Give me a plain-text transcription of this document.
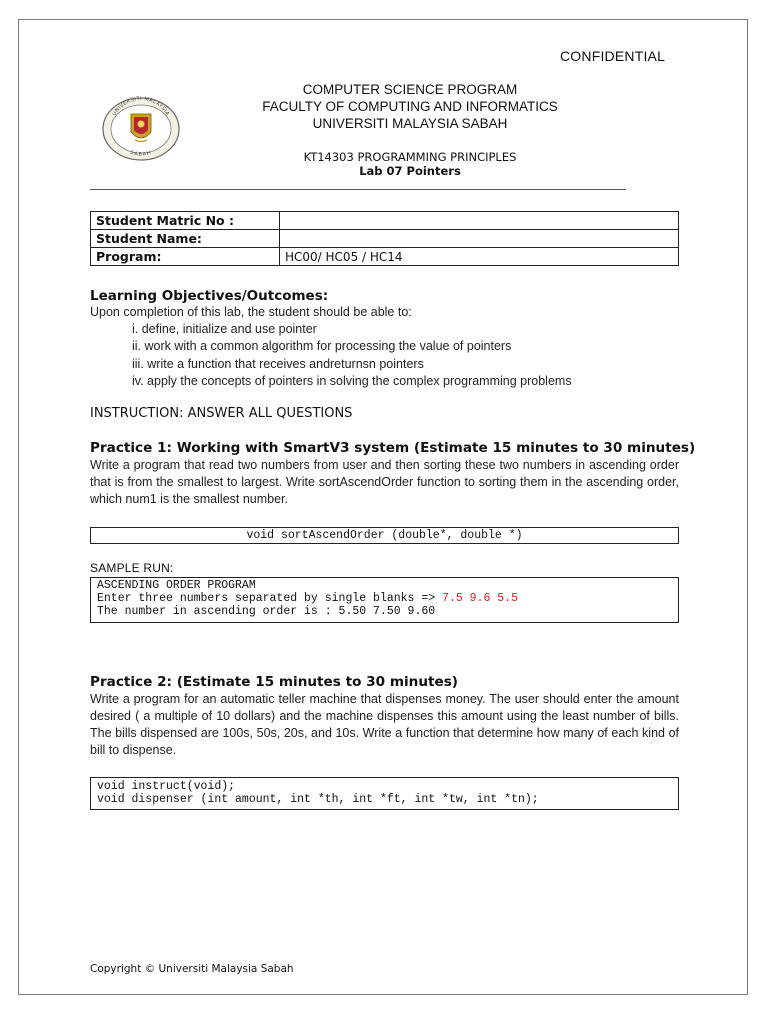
CONFIDENTIAL
UNIVERSITI MALAYSIA
SABAH
COMPUTER SCIENCE PROGRAM
FACULTY OF COMPUTING AND INFORMATICS
UNIVERSITI MALAYSIA SABAH
KT14303 PROGRAMMING PRINCIPLES
Lab 07 Pointers
Student Matric No :	
Student Name:	
Program:	HC00/ HC05 / HC14
Learning Objectives/Outcomes:
Upon completion of this lab, the student should be able to:
i. define, initialize and use pointer
ii. work with a common algorithm for processing the value of pointers
iii. write a function that receives andreturnsn pointers
iv. apply the concepts of pointers in solving the complex programming problems
INSTRUCTION: ANSWER ALL QUESTIONS
Practice 1: Working with SmartV3 system (Estimate 15 minutes to 30 minutes)
Write a program that read two numbers from user and then sorting these two numbers in ascending order that is from the smallest to largest. Write sortAscendOrder function to sorting them in the ascending order, which num1 is the smallest number.
void sortAscendOrder (double*, double *)
SAMPLE RUN:
ASCENDING ORDER PROGRAM
Enter three numbers separated by single blanks => 7.5 9.6 5.5
The number in ascending order is : 5.50 7.50 9.60
Practice 2: (Estimate 15 minutes to 30 minutes)
Write a program for an automatic teller machine that dispenses money. The user should enter the amount desired ( a multiple of 10 dollars) and the machine dispenses this amount using the least number of bills. The bills dispensed are 100s, 50s, 20s, and 10s. Write a function that determine how many of each kind of bill to dispense.
void instruct(void);
void dispenser (int amount, int *th, int *ft, int *tw, int *tn);
Copyright © Universiti Malaysia Sabah
